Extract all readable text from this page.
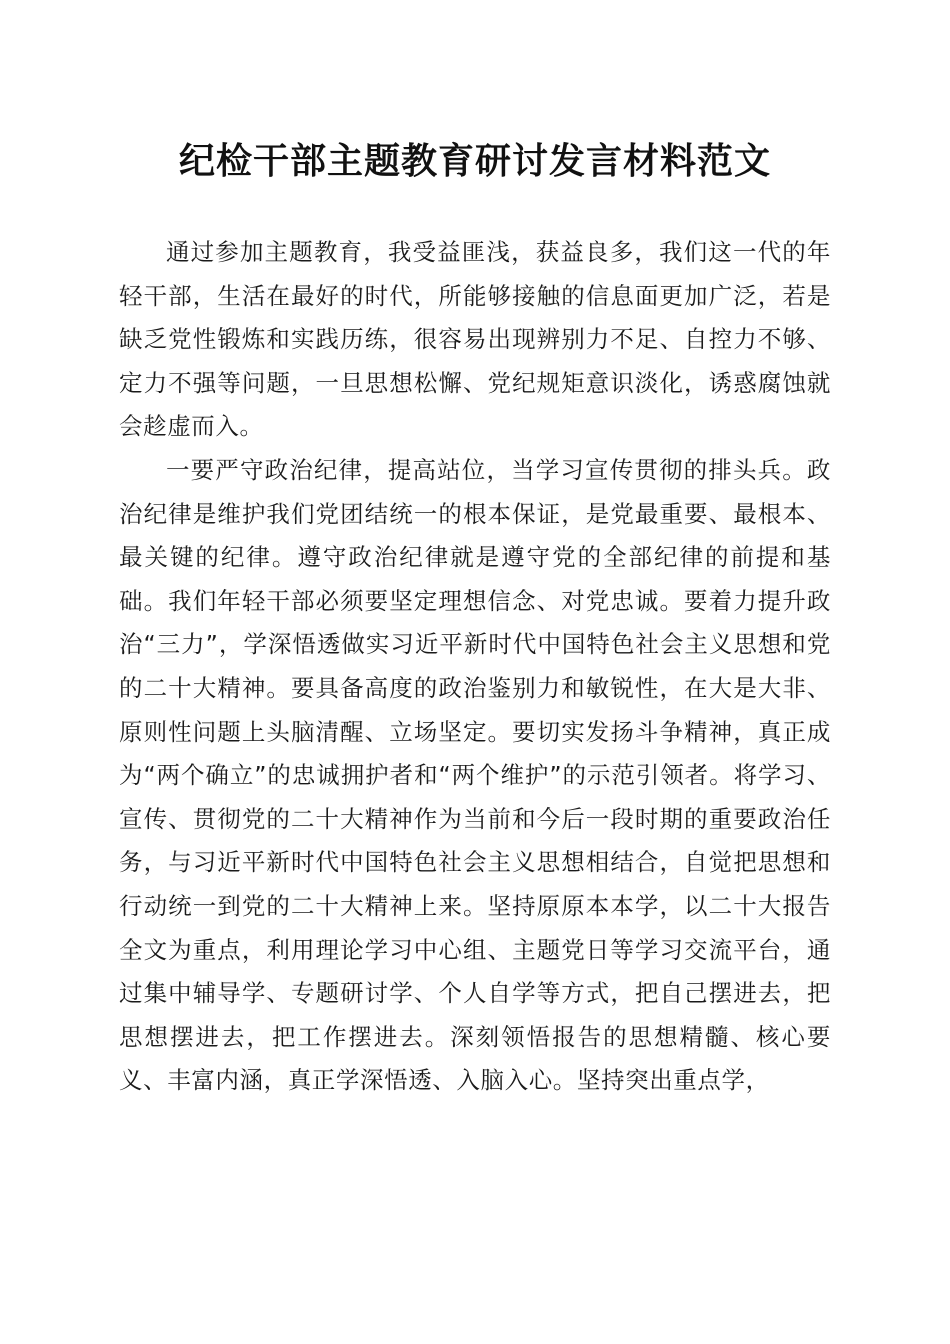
纪检干部主题教育研讨发言材料范文

通过参加主题教育，我受益匪浅，获益良多，我们这一代的年轻干部，生活在最好的时代，所能够接触的信息面更加广泛，若是缺乏党性锻炼和实践历练，很容易出现辨别力不足、自控力不够、定力不强等问题，一旦思想松懈、党纪规矩意识淡化，诱惑腐蚀就会趁虚而入。

一要严守政治纪律，提高站位，当学习宣传贯彻的排头兵。政治纪律是维护我们党团结统一的根本保证，是党最重要、最根本、最关键的纪律。遵守政治纪律就是遵守党的全部纪律的前提和基础。我们年轻干部必须要坚定理想信念、对党忠诚。要着力提升政治“三力”，学深悟透做实习近平新时代中国特色社会主义思想和党的二十大精神。要具备高度的政治鉴别力和敏锐性，在大是大非、原则性问题上头脑清醒、立场坚定。要切实发扬斗争精神，真正成为“两个确立”的忠诚拥护者和“两个维护”的示范引领者。将学习、宣传、贯彻党的二十大精神作为当前和今后一段时期的重要政治任务，与习近平新时代中国特色社会主义思想相结合，自觉把思想和行动统一到党的二十大精神上来。坚持原原本本学，以二十大报告全文为重点，利用理论学习中心组、主题党日等学习交流平台，通过集中辅导学、专题研讨学、个人自学等方式，把自己摆进去，把思想摆进去，把工作摆进去。深刻领悟报告的思想精髓、核心要义、丰富内涵，真正学深悟透、入脑入心。坚持突出重点学，
